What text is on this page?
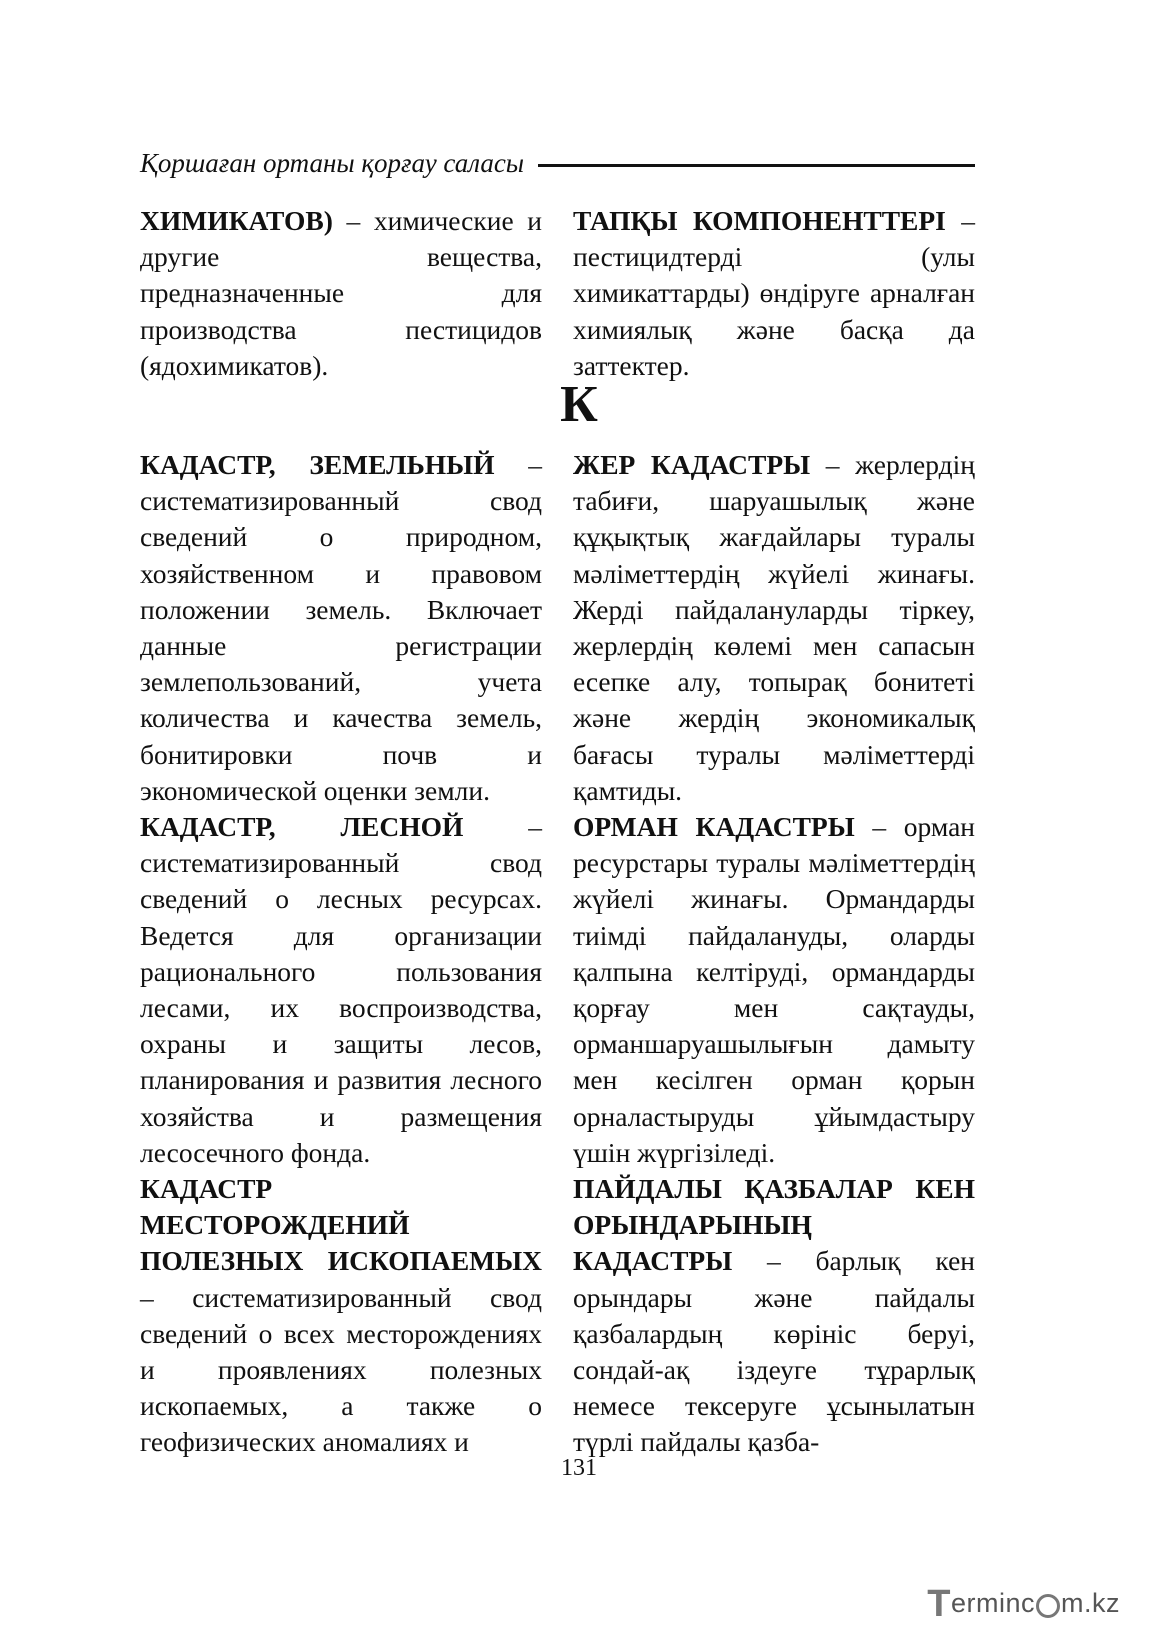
Қоршаған ортаны қорғау саласы

ХИМИКАТОВ) – химические и другие вещества, предназначенные для производства пестицидов (ядохимикатов).

ТАПҚЫ КОМПОНЕНТТЕРІ – пестицидтерді (улы химикаттарды) өндіруге арналған химиялық және басқа да заттектер.

К

КАДАСТР, ЗЕМЕЛЬНЫЙ – систематизированный свод сведений о природном, хозяйственном и правовом положении земель. Включает данные регистрации землепользований, учета количества и качества земель, бонитировки почв и экономической оценки земли.

КАДАСТР, ЛЕСНОЙ – систематизированный свод сведений о лесных ресурсах. Ведется для организации рационального пользования лесами, их воспроизводства, охраны и защиты лесов, планирования и развития лесного хозяйства и размещения лесосечного фонда.

КАДАСТР МЕСТОРОЖДЕНИЙ ПОЛЕЗНЫХ ИСКОПАЕМЫХ – систематизированный свод сведений о всех месторождениях и проявлениях полезных ископаемых, а также о геофизических аномалиях и

ЖЕР КАДАСТРЫ – жерлердің табиғи, шаруашылық және құқықтық жағдайлары туралы мәліметтердің жүйелі жинағы. Жерді пайдалануларды тіркеу, жерлердің көлемі мен сапасын есепке алу, топырақ бонитеті және жердің экономикалық бағасы туралы мәліметтерді қамтиды.

ОРМАН КАДАСТРЫ – орман ресурстары туралы мәліметтердің жүйелі жинағы. Ормандарды тиімді пайдалануды, оларды қалпына келтіруді, ормандарды қорғау мен сақтауды, орманшаруашылығын дамыту мен кесілген орман қорын орналастыруды ұйымдастыру үшін жүргізіледі.

ПАЙДАЛЫ ҚАЗБАЛАР КЕН ОРЫНДАРЫНЫҢ КАДАСТРЫ – барлық кен орындары және пайдалы қазбалардың көрініс беруі, сондай-ақ іздеуге тұрарлық немесе тексеруге ұсынылатын түрлі пайдалы қазба-

131
T erminc m.kz
